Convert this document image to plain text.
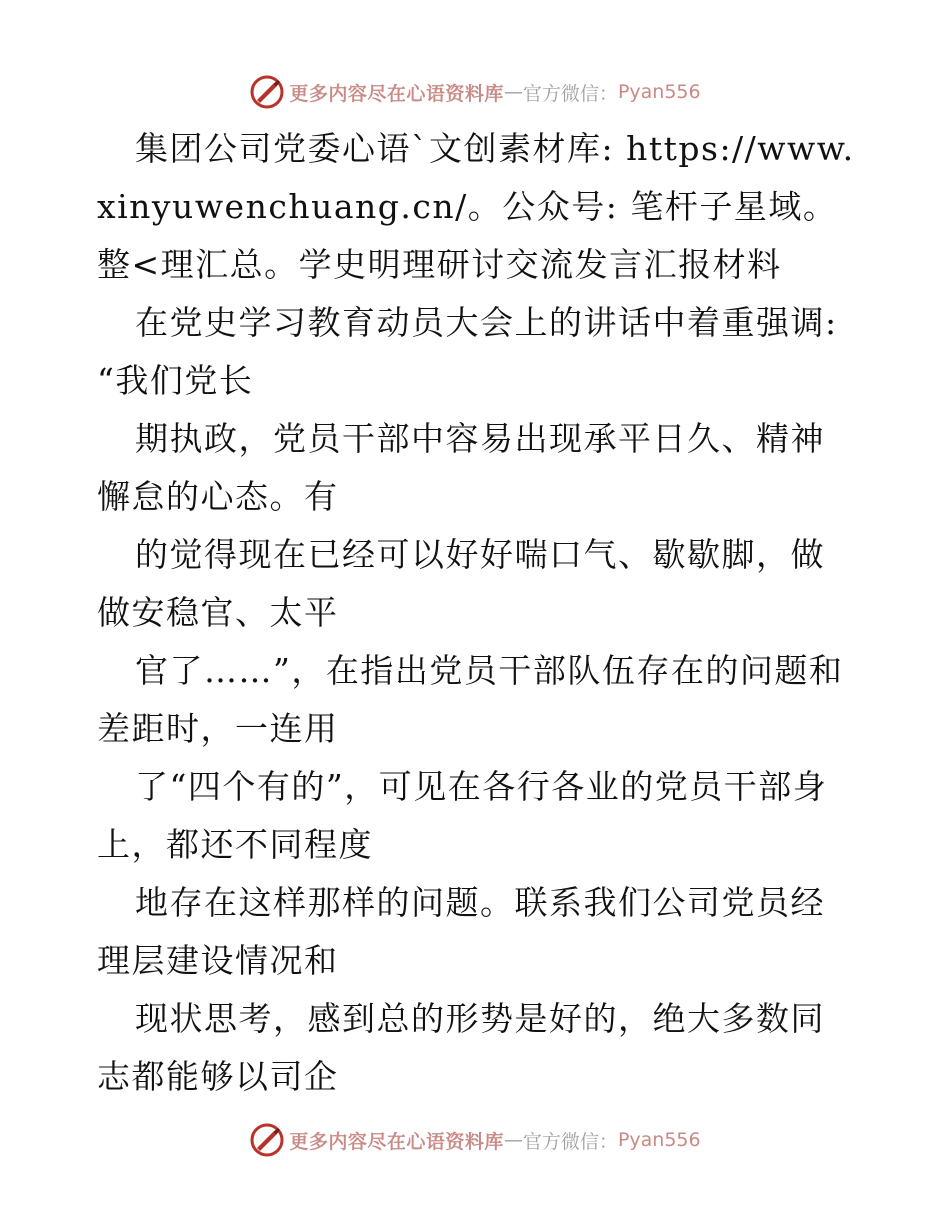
更多内容尽在心语资料库 — 官方微信： Pyan556

集团公司党委心语`文创素材库: https://www.xinyuwenchuang.cn/。公众号: 笔杆子星域。整<理汇总。学史明理研讨交流发言汇报材料

在党史学习教育动员大会上的讲话中着重强调: “我们党长

期执政，党员干部中容易出现承平日久、精神懈怠的心态。有

的觉得现在已经可以好好喘口气、歇歇脚，做做安稳官、太平

官了……”，在指出党员干部队伍存在的问题和差距时，一连用

了“四个有的”，可见在各行各业的党员干部身上，都还不同程度

地存在这样那样的问题。联系我们公司党员经理层建设情况和

现状思考，感到总的形势是好的，绝大多数同志都能够以司企

更多内容尽在心语资料库 — 官方微信： Pyan556
